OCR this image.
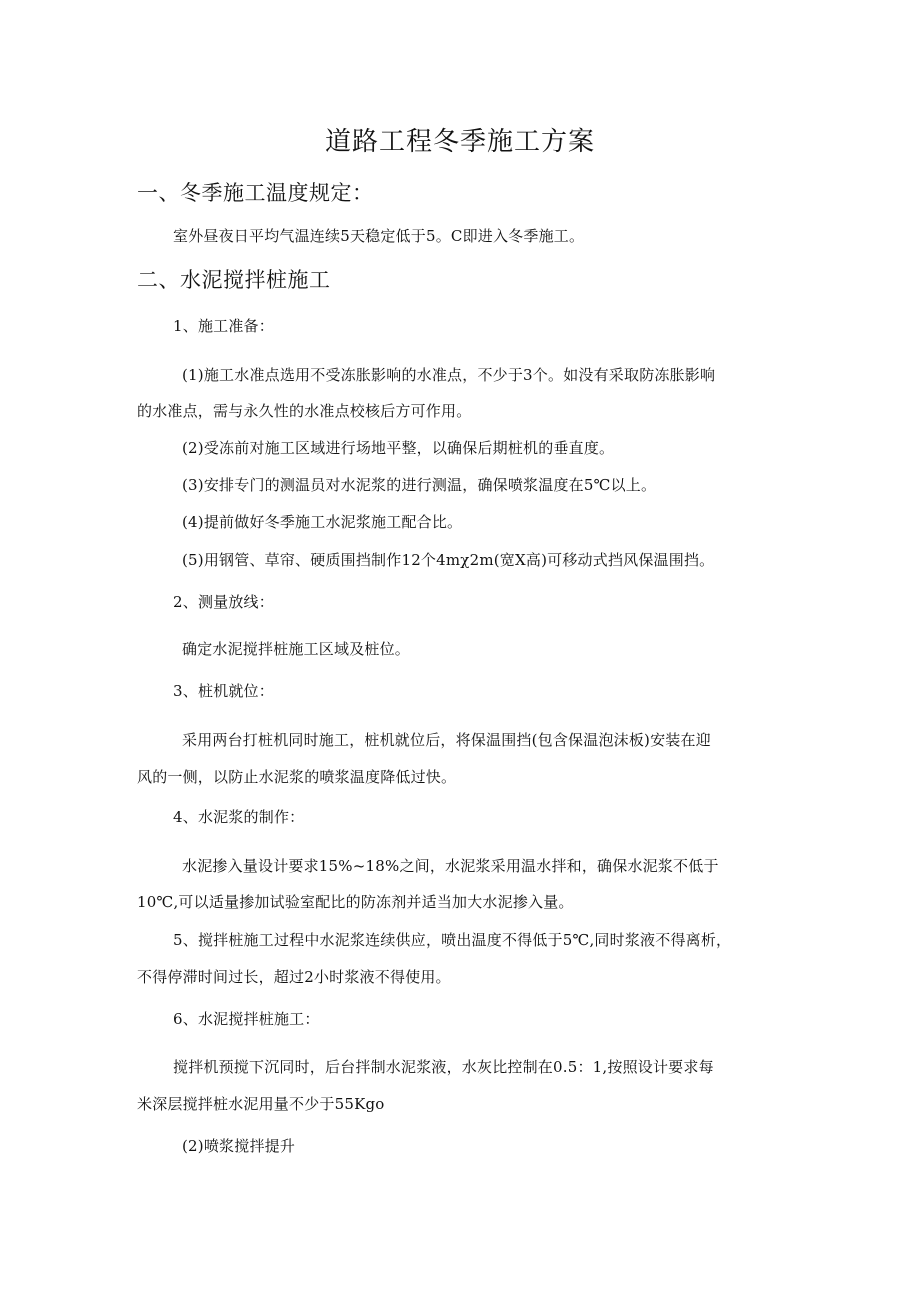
道路工程冬季施工方案
一、冬季施工温度规定：
室外昼夜日平均气温连续5天稳定低于5。C即进入冬季施工。
二、水泥搅拌桩施工
1、施工准备：
(1)施工水准点选用不受冻胀影响的水准点，不少于3个。如没有采取防冻胀影响
的水准点，需与永久性的水准点校核后方可作用。
(2)受冻前对施工区域进行场地平整，以确保后期桩机的垂直度。
(3)安排专门的测温员对水泥浆的进行测温，确保喷浆温度在5℃以上。
(4)提前做好冬季施工水泥浆施工配合比。
(5)用钢管、草帘、硬质围挡制作12个4mχ2m(宽X高)可移动式挡风保温围挡。
2、测量放线：
确定水泥搅拌桩施工区域及桩位。
3、桩机就位：
采用两台打桩机同时施工，桩机就位后，将保温围挡(包含保温泡沫板)安装在迎
风的一侧，以防止水泥浆的喷浆温度降低过快。
4、水泥浆的制作：
水泥掺入量设计要求15%~18%之间，水泥浆采用温水拌和，确保水泥浆不低于
10℃,可以适量掺加试验室配比的防冻剂并适当加大水泥掺入量。
5、搅拌桩施工过程中水泥浆连续供应，喷出温度不得低于5℃,同时浆液不得离析，
不得停滞时间过长，超过2小时浆液不得使用。
6、水泥搅拌桩施工：
搅拌机预搅下沉同时，后台拌制水泥浆液，水灰比控制在0.5：1,按照设计要求每
米深层搅拌桩水泥用量不少于55Kgo
(2)喷浆搅拌提升
